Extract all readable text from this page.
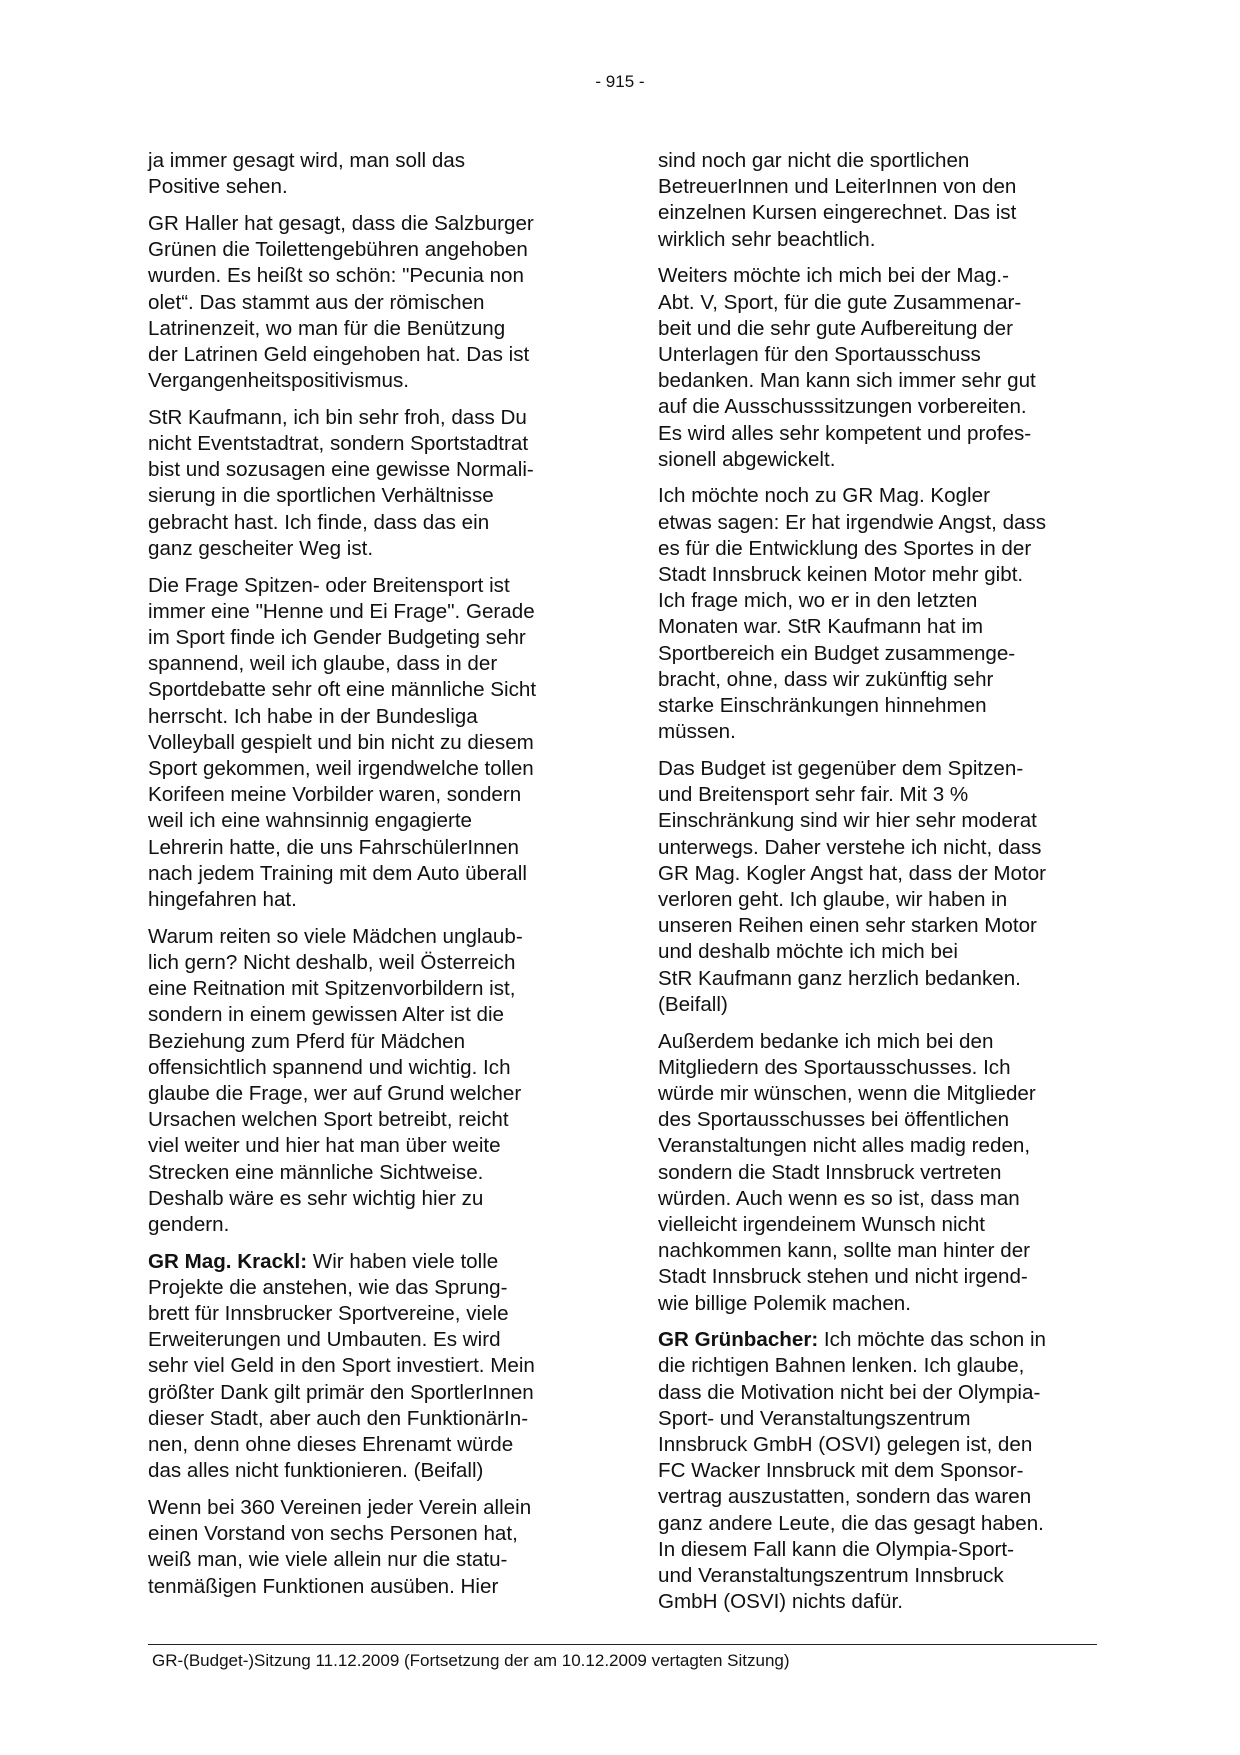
- 915 -

ja immer gesagt wird, man soll das
Positive sehen.

GR Haller hat gesagt, dass die Salzburger
Grünen die Toilettengebühren angehoben
wurden. Es heißt so schön: "Pecunia non
olet“. Das stammt aus der römischen
Latrinenzeit, wo man für die Benützung
der Latrinen Geld eingehoben hat. Das ist
Vergangenheitspositivismus.

StR Kaufmann, ich bin sehr froh, dass Du
nicht Eventstadtrat, sondern Sportstadtrat
bist und sozusagen eine gewisse Normali-
sierung in die sportlichen Verhältnisse
gebracht hast. Ich finde, dass das ein
ganz gescheiter Weg ist.

Die Frage Spitzen- oder Breitensport ist
immer eine "Henne und Ei Frage". Gerade
im Sport finde ich Gender Budgeting sehr
spannend, weil ich glaube, dass in der
Sportdebatte sehr oft eine männliche Sicht
herrscht. Ich habe in der Bundesliga
Volleyball gespielt und bin nicht zu diesem
Sport gekommen, weil irgendwelche tollen
Korifeen meine Vorbilder waren, sondern
weil ich eine wahnsinnig engagierte
Lehrerin hatte, die uns FahrschülerInnen
nach jedem Training mit dem Auto überall
hingefahren hat.

Warum reiten so viele Mädchen unglaub-
lich gern? Nicht deshalb, weil Österreich
eine Reitnation mit Spitzenvorbildern ist,
sondern in einem gewissen Alter ist die
Beziehung zum Pferd für Mädchen
offensichtlich spannend und wichtig. Ich
glaube die Frage, wer auf Grund welcher
Ursachen welchen Sport betreibt, reicht
viel weiter und hier hat man über weite
Strecken eine männliche Sichtweise.
Deshalb wäre es sehr wichtig hier zu
gendern.

GR Mag. Krackl: Wir haben viele tolle
Projekte die anstehen, wie das Sprung-
brett für Innsbrucker Sportvereine, viele
Erweiterungen und Umbauten. Es wird
sehr viel Geld in den Sport investiert. Mein
größter Dank gilt primär den SportlerInnen
dieser Stadt, aber auch den FunktionärIn-
nen, denn ohne dieses Ehrenamt würde
das alles nicht funktionieren. (Beifall)

Wenn bei 360 Vereinen jeder Verein allein
einen Vorstand von sechs Personen hat,
weiß man, wie viele allein nur die statu-
tenmäßigen Funktionen ausüben. Hier

sind noch gar nicht die sportlichen
BetreuerInnen und LeiterInnen von den
einzelnen Kursen eingerechnet. Das ist
wirklich sehr beachtlich.

Weiters möchte ich mich bei der Mag.-
Abt. V, Sport, für die gute Zusammenar-
beit und die sehr gute Aufbereitung der
Unterlagen für den Sportausschuss
bedanken. Man kann sich immer sehr gut
auf die Ausschusssitzungen vorbereiten.
Es wird alles sehr kompetent und profes-
sionell abgewickelt.

Ich möchte noch zu GR Mag. Kogler
etwas sagen: Er hat irgendwie Angst, dass
es für die Entwicklung des Sportes in der
Stadt Innsbruck keinen Motor mehr gibt.
Ich frage mich, wo er in den letzten
Monaten war. StR Kaufmann hat im
Sportbereich ein Budget zusammenge-
bracht, ohne, dass wir zukünftig sehr
starke Einschränkungen hinnehmen
müssen.

Das Budget ist gegenüber dem Spitzen-
und Breitensport sehr fair. Mit 3 %
Einschränkung sind wir hier sehr moderat
unterwegs. Daher verstehe ich nicht, dass
GR Mag. Kogler Angst hat, dass der Motor
verloren geht. Ich glaube, wir haben in
unseren Reihen einen sehr starken Motor
und deshalb möchte ich mich bei
StR Kaufmann ganz herzlich bedanken.
(Beifall)

Außerdem bedanke ich mich bei den
Mitgliedern des Sportausschusses. Ich
würde mir wünschen, wenn die Mitglieder
des Sportausschusses bei öffentlichen
Veranstaltungen nicht alles madig reden,
sondern die Stadt Innsbruck vertreten
würden. Auch wenn es so ist, dass man
vielleicht irgendeinem Wunsch nicht
nachkommen kann, sollte man hinter der
Stadt Innsbruck stehen und nicht irgend-
wie billige Polemik machen.

GR Grünbacher: Ich möchte das schon in
die richtigen Bahnen lenken. Ich glaube,
dass die Motivation nicht bei der Olympia-
Sport- und Veranstaltungszentrum
Innsbruck GmbH (OSVI) gelegen ist, den
FC Wacker Innsbruck mit dem Sponsor-
vertrag auszustatten, sondern das waren
ganz andere Leute, die das gesagt haben.
In diesem Fall kann die Olympia-Sport-
und Veranstaltungszentrum Innsbruck
GmbH (OSVI) nichts dafür.

GR-(Budget-)Sitzung 11.12.2009 (Fortsetzung der am 10.12.2009 vertagten Sitzung)
